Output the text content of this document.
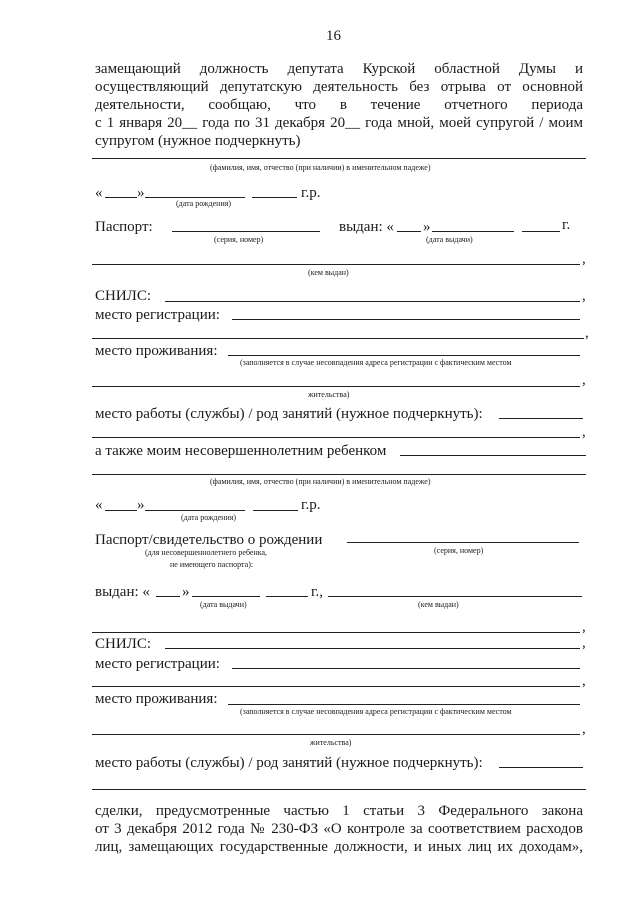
16
замещающий должность депутата Курской областной Думы и
осуществляющий депутатскую деятельность без отрыва от основной
деятельности, сообщаю, что в течение отчетного периода
с 1 января 20__ года по 31 декабря 20__ года мной, моей супругой / моим
супругом (нужное подчеркнуть)
(фамилия, имя, отчество (при наличии) в именительном падеже)
« »	г.р.
(дата рождения)
Паспорт:
(серия, номер)
выдан: « »	г.
(дата выдачи)
,
(кем выдан)
СНИЛС:	,
место регистрации:
,
место проживания:
(заполняется в случае несовпадения адреса регистрации с фактическим местом
,
жительства)
место работы (службы) / род занятий (нужное подчеркнуть):
,
а также моим несовершеннолетним ребенком
(фамилия, имя, отчество (при наличии) в именительном падеже)
« »	г.р.
(дата рождения)
Паспорт/свидетельство о рождении
(для несовершеннолетнего ребенка,
не имеющего паспорта):
(серия, номер)
выдан: « »	г.,
(дата выдачи)	(кем выдан)
,
СНИЛС:	,
место регистрации:
,
место проживания:
(заполняется в случае несовпадения адреса регистрации с фактическим местом
,
жительства)
место работы (службы) / род занятий (нужное подчеркнуть):
сделки, предусмотренные частью 1 статьи 3 Федерального закона
от 3 декабря 2012 года № 230-ФЗ «О контроле за соответствием расходов
лиц, замещающих государственные должности, и иных лиц их доходам»,
